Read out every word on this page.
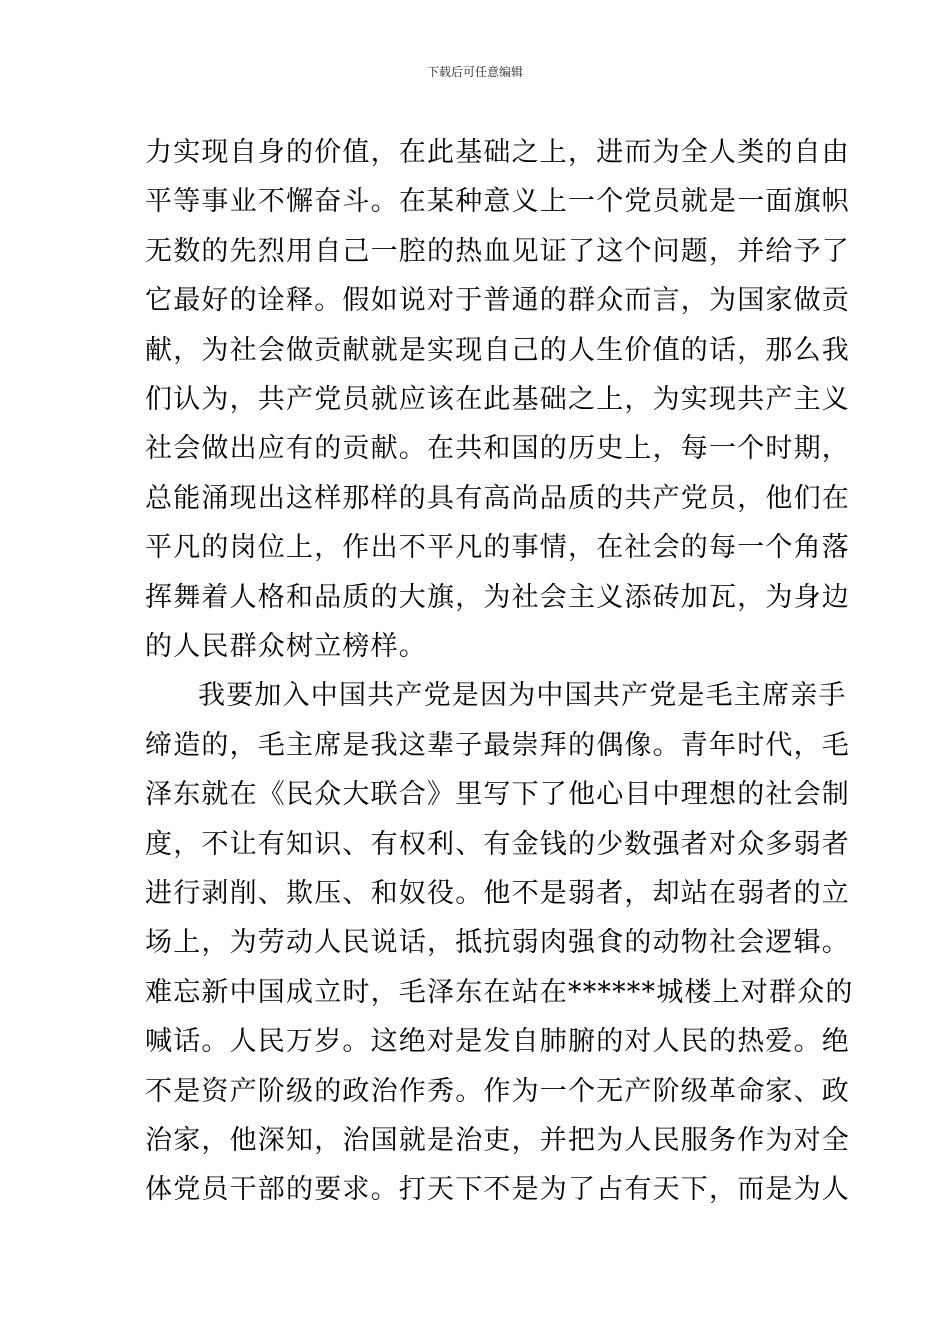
下载后可任意编辑
力实现自身的价值，在此基础之上，进而为全人类的自由
平等事业不懈奋斗。在某种意义上一个党员就是一面旗帜
无数的先烈用自己一腔的热血见证了这个问题，并给予了
它最好的诠释。假如说对于普通的群众而言，为国家做贡
献，为社会做贡献就是实现自己的人生价值的话，那么我
们认为，共产党员就应该在此基础之上，为实现共产主义
社会做出应有的贡献。在共和国的历史上，每一个时期，
总能涌现出这样那样的具有高尚品质的共产党员，他们在
平凡的岗位上，作出不平凡的事情，在社会的每一个角落
挥舞着人格和品质的大旗，为社会主义添砖加瓦，为身边
的人民群众树立榜样。
我要加入中国共产党是因为中国共产党是毛主席亲手
缔造的，毛主席是我这辈子最崇拜的偶像。青年时代，毛
泽东就在《民众大联合》里写下了他心目中理想的社会制
度，不让有知识、有权利、有金钱的少数强者对众多弱者
进行剥削、欺压、和奴役。他不是弱者，却站在弱者的立
场上，为劳动人民说话，抵抗弱肉强食的动物社会逻辑。
难忘新中国成立时，毛泽东在站在******城楼上对群众的
喊话。人民万岁。这绝对是发自肺腑的对人民的热爱。绝
不是资产阶级的政治作秀。作为一个无产阶级革命家、政
治家，他深知，治国就是治吏，并把为人民服务作为对全
体党员干部的要求。打天下不是为了占有天下，而是为人
